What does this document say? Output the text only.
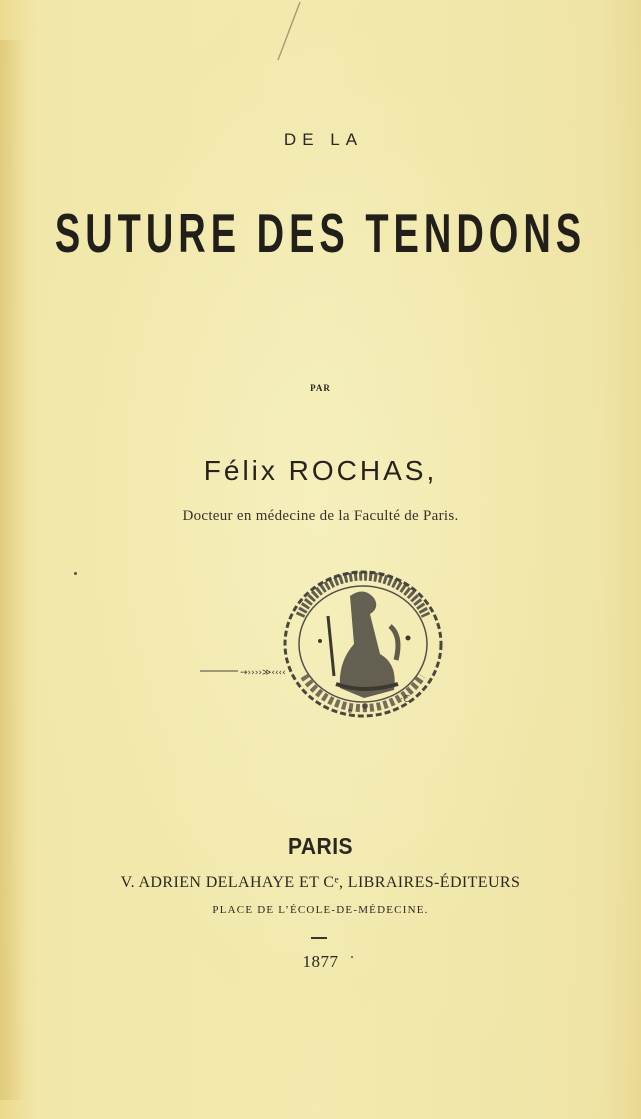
DE LA
SUTURE DES TENDONS
PAR
Félix ROCHAS,
Docteur en médecine de la Faculté de Paris.
→››››≫‹‹‹‹
·C
PARIS
V. ADRIEN DELAHAYE ET Cᵉ, LIBRAIRES-ÉDITEURS
PLACE DE L’ÉCOLE-DE-MÉDECINE.
1877
